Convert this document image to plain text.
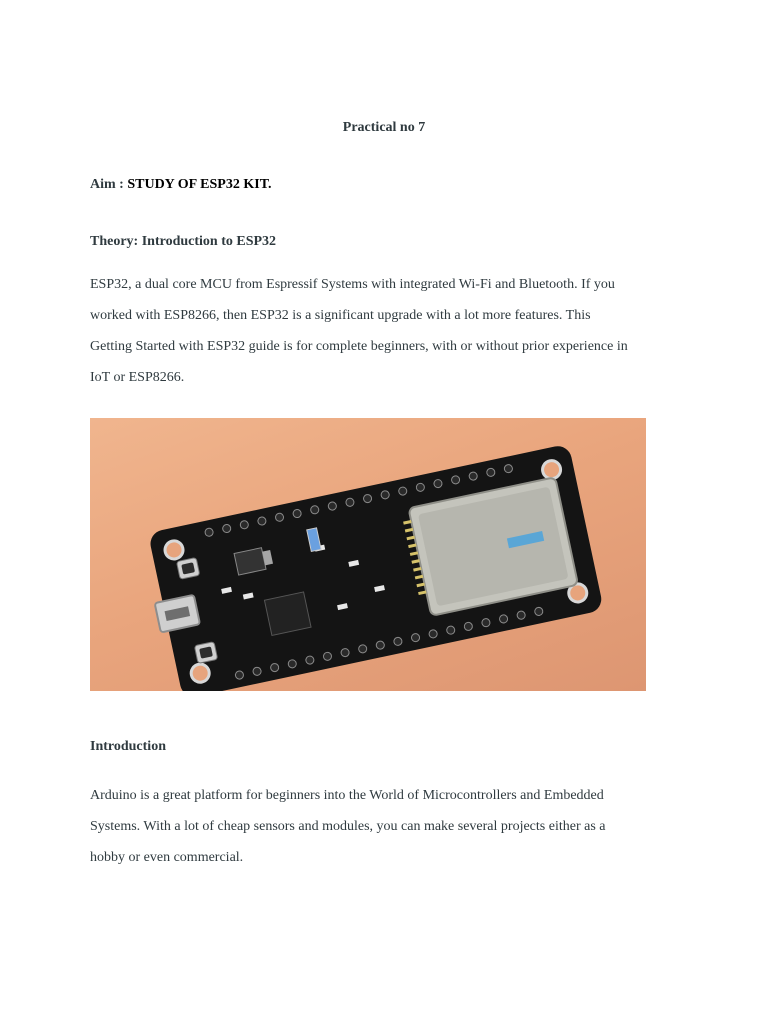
Practical no 7
Aim : STUDY OF ESP32 KIT.
Theory: Introduction to ESP32
ESP32, a dual core MCU from Espressif Systems with integrated Wi-Fi and Bluetooth. If you
worked with ESP8266, then ESP32 is a significant upgrade with a lot more features. This
Getting Started with ESP32 guide is for complete beginners, with or without prior experience in
IoT or ESP8266.
Introduction
Arduino is a great platform for beginners into the World of Microcontrollers and Embedded
Systems. With a lot of cheap sensors and modules, you can make several projects either as a
hobby or even commercial.
